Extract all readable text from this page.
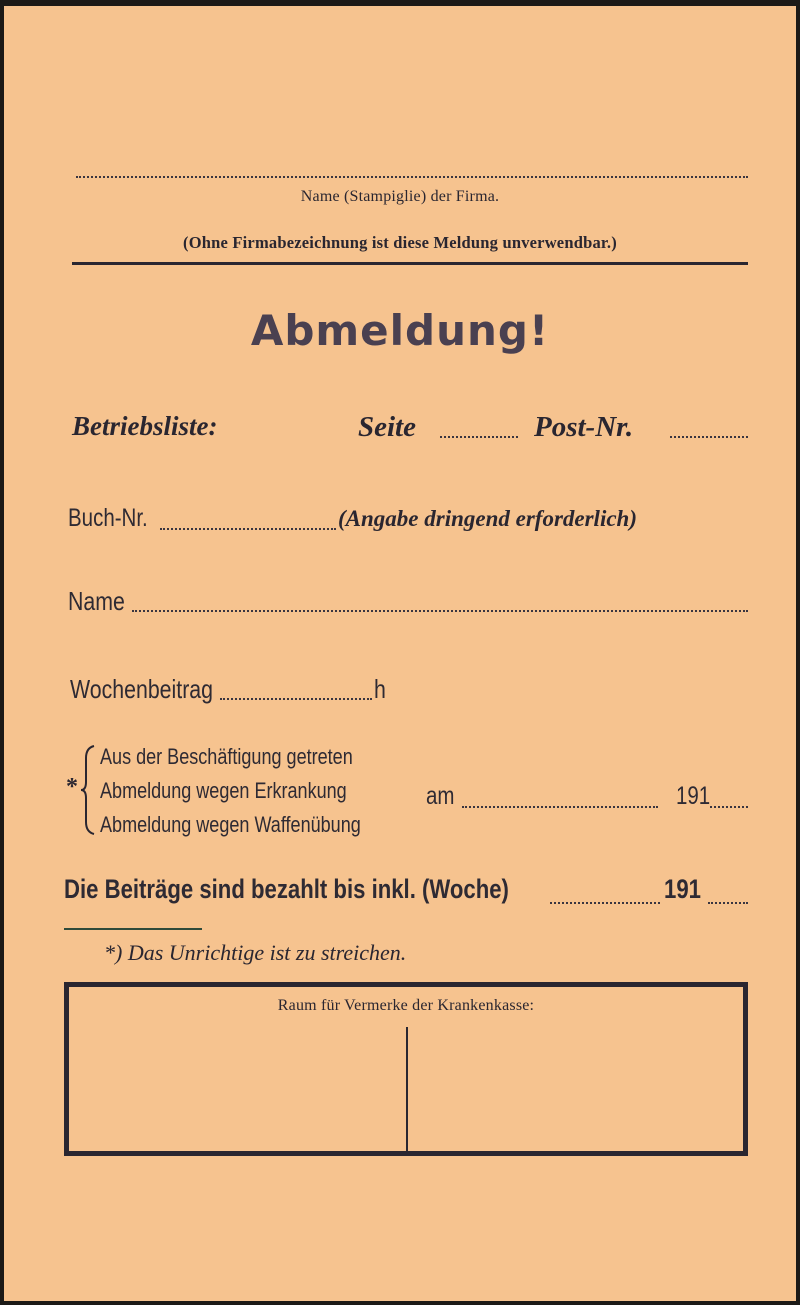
Name (Stampiglie) der Firma.
(Ohne Firmabezeichnung ist diese Meldung unverwendbar.)
Abmeldung!
Betriebsliste:	Seite	Post-Nr.
Buch-Nr.	(Angabe dringend erforderlich)
Name
Wochenbeitrag	h
*
Aus der Beschäftigung getreten
Abmeldung wegen Erkrankung
Abmeldung wegen Waffenübung
am	191
Die Beiträge sind bezahlt bis inkl. (Woche)	191
*) Das Unrichtige ist zu streichen.
Raum für Vermerke der Krankenkasse:
